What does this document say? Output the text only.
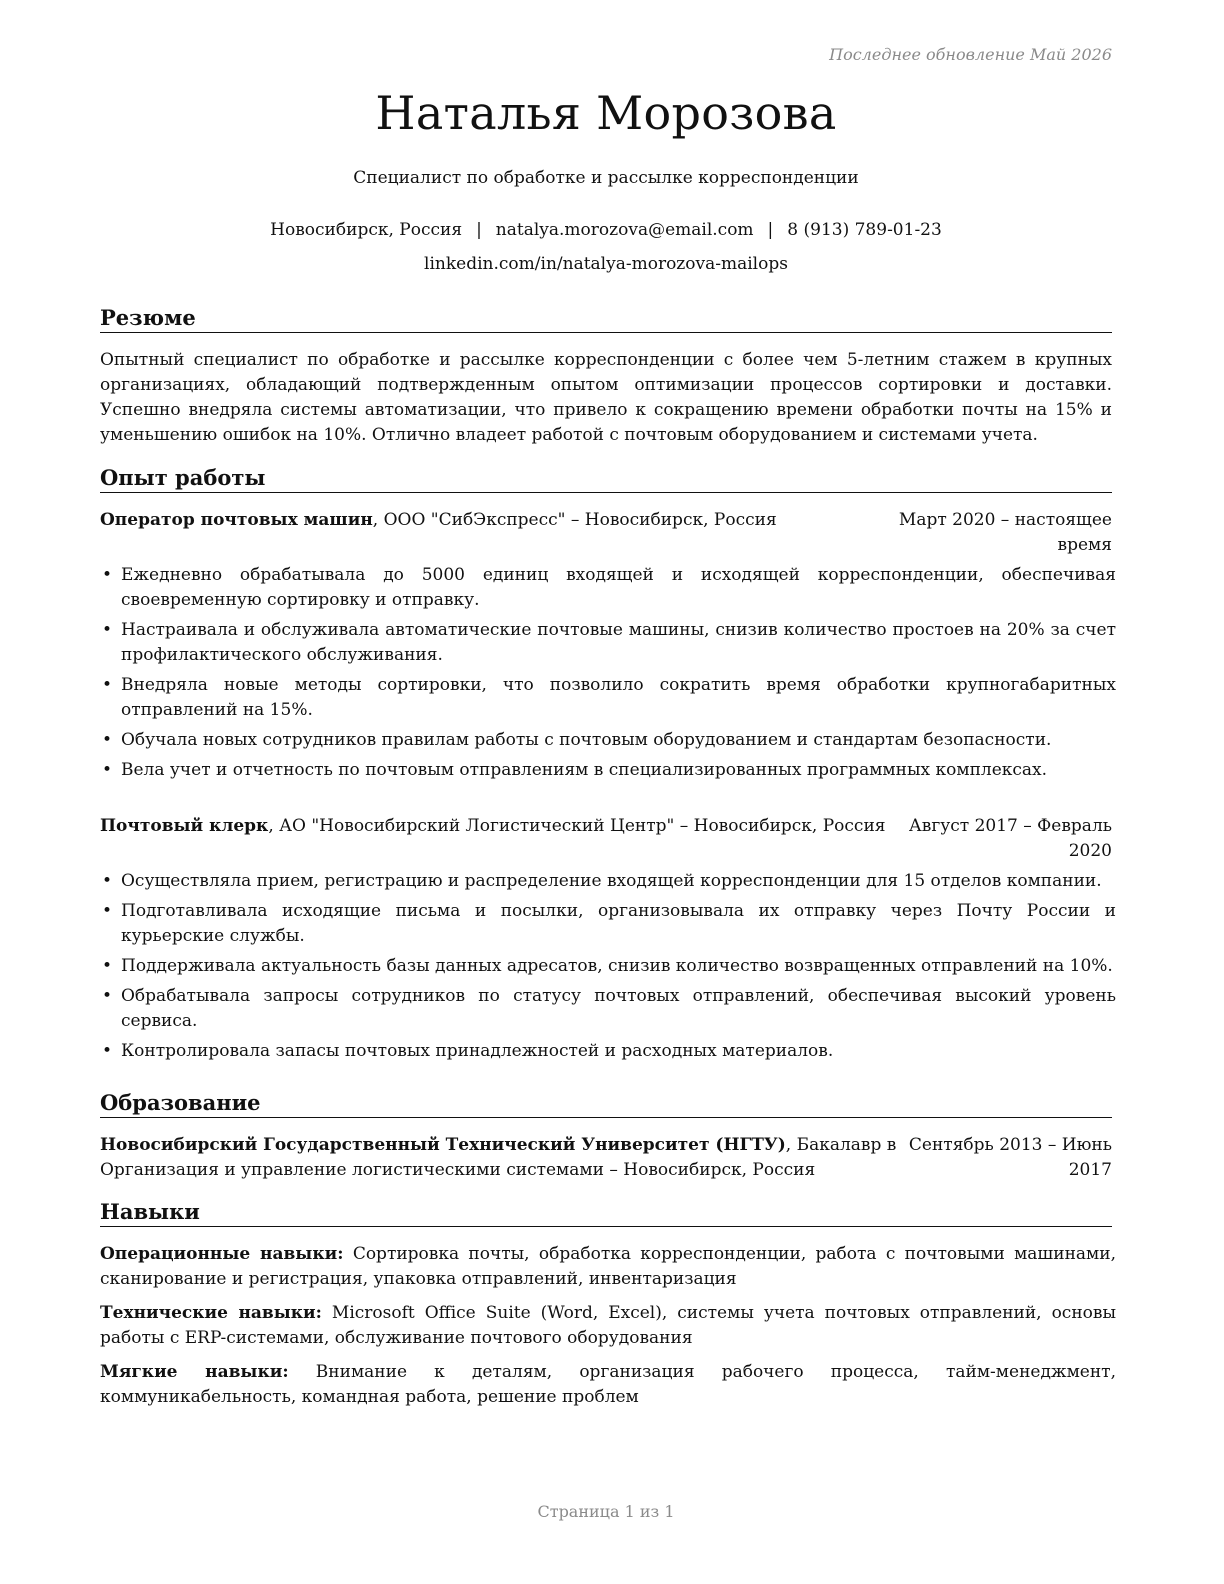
Последнее обновление Май 2026
Наталья Морозова
Специалист по обработке и рассылке корреспонденции
Новосибирск, Россия | natalya.morozova@email.com | 8 (913) 789-01-23
linkedin.com/in/natalya-morozova-mailops
Резюме

Опытный специалист по обработке и рассылке корреспонденции с более чем 5-летним стажем в крупных организациях, обладающий подтвержденным опытом оптимизации процессов сортировки и доставки. Успешно внедряла системы автоматизации, что привело к сокращению времени обработки почты на 15% и уменьшению ошибок на 10%. Отлично владеет работой с почтовым оборудованием и системами учета.

Опыт работы
Оператор почтовых машин, ООО "СибЭкспресс" – Новосибирск, Россия	Март 2020 – настоящее
время
• Ежедневно обрабатывала до 5000 единиц входящей и исходящей корреспонденции, обеспечивая своевременную сортировку и отправку.
• Настраивала и обслуживала автоматические почтовые машины, снизив количество простоев на 20% за счет профилактического обслуживания.
• Внедряла новые методы сортировки, что позволило сократить время обработки крупногабаритных отправлений на 15%.
• Обучала новых сотрудников правилам работы с почтовым оборудованием и стандартам безопасности.
• Вела учет и отчетность по почтовым отправлениям в специализированных программных комплексах.
Почтовый клерк, АО "Новосибирский Логистический Центр" – Новосибирск, Россия Август 2017 – Февраль
2020
• Осуществляла прием, регистрацию и распределение входящей корреспонденции для 15 отделов компании.
• Подготавливала исходящие письма и посылки, организовывала их отправку через Почту России и курьерские службы.
• Поддерживала актуальность базы данных адресатов, снизив количество возвращенных отправлений на 10%.
• Обрабатывала запросы сотрудников по статусу почтовых отправлений, обеспечивая высокий уровень сервиса.
• Контролировала запасы почтовых принадлежностей и расходных материалов.
Образование
Новосибирский Государственный Технический Университет (НГТУ), Бакалавр в
Организация и управление логистическими системами – Новосибирск, Россия
Сентябрь 2013 – Июнь
2017
Навыки

Операционные навыки: Сортировка почты, обработка корреспонденции, работа с почтовыми машинами, сканирование и регистрация, упаковка отправлений, инвентаризация

Технические навыки: Microsoft Office Suite (Word, Excel), системы учета почтовых отправлений, основы работы с ERP-системами, обслуживание почтового оборудования

Мягкие навыки: Внимание к деталям, организация рабочего процесса, тайм-менеджмент, коммуникабельность, командная работа, решение проблем

Страница 1 из 1
